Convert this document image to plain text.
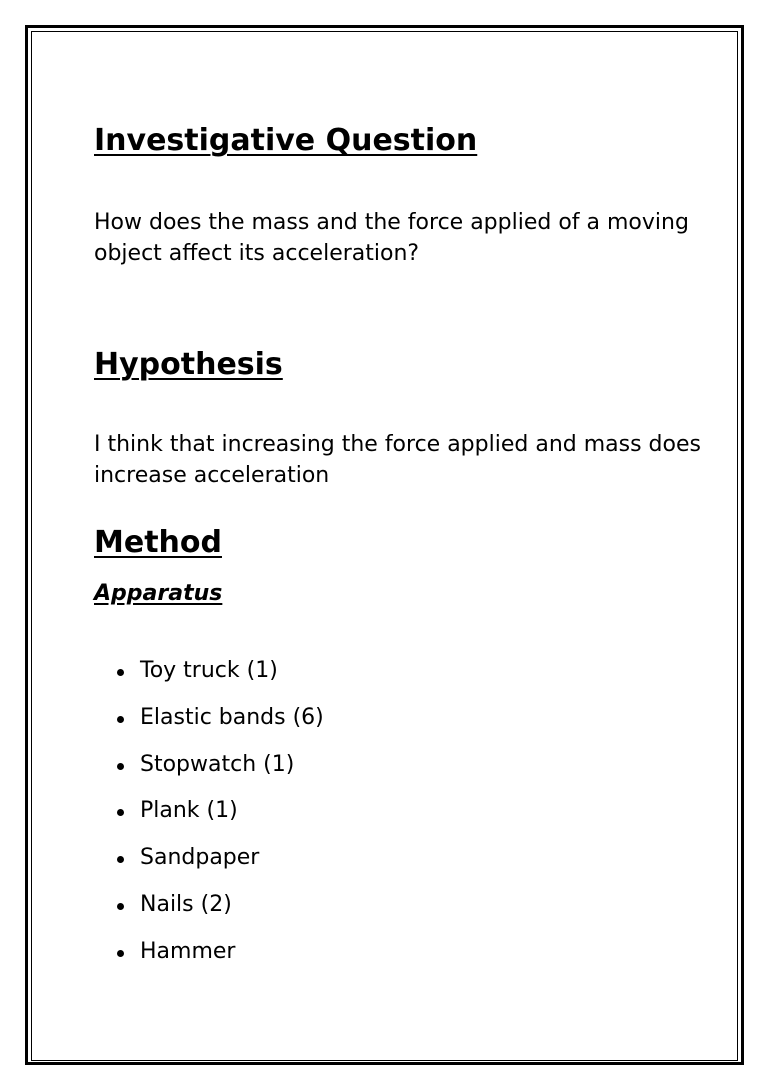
Investigative Question

How does the mass and the force applied of a moving object affect its acceleration?

Hypothesis

I think that increasing the force applied and mass does increase acceleration

Method
Apparatus
Toy truck (1)
Elastic bands (6)
Stopwatch (1)
Plank (1)
Sandpaper
Nails (2)
Hammer
